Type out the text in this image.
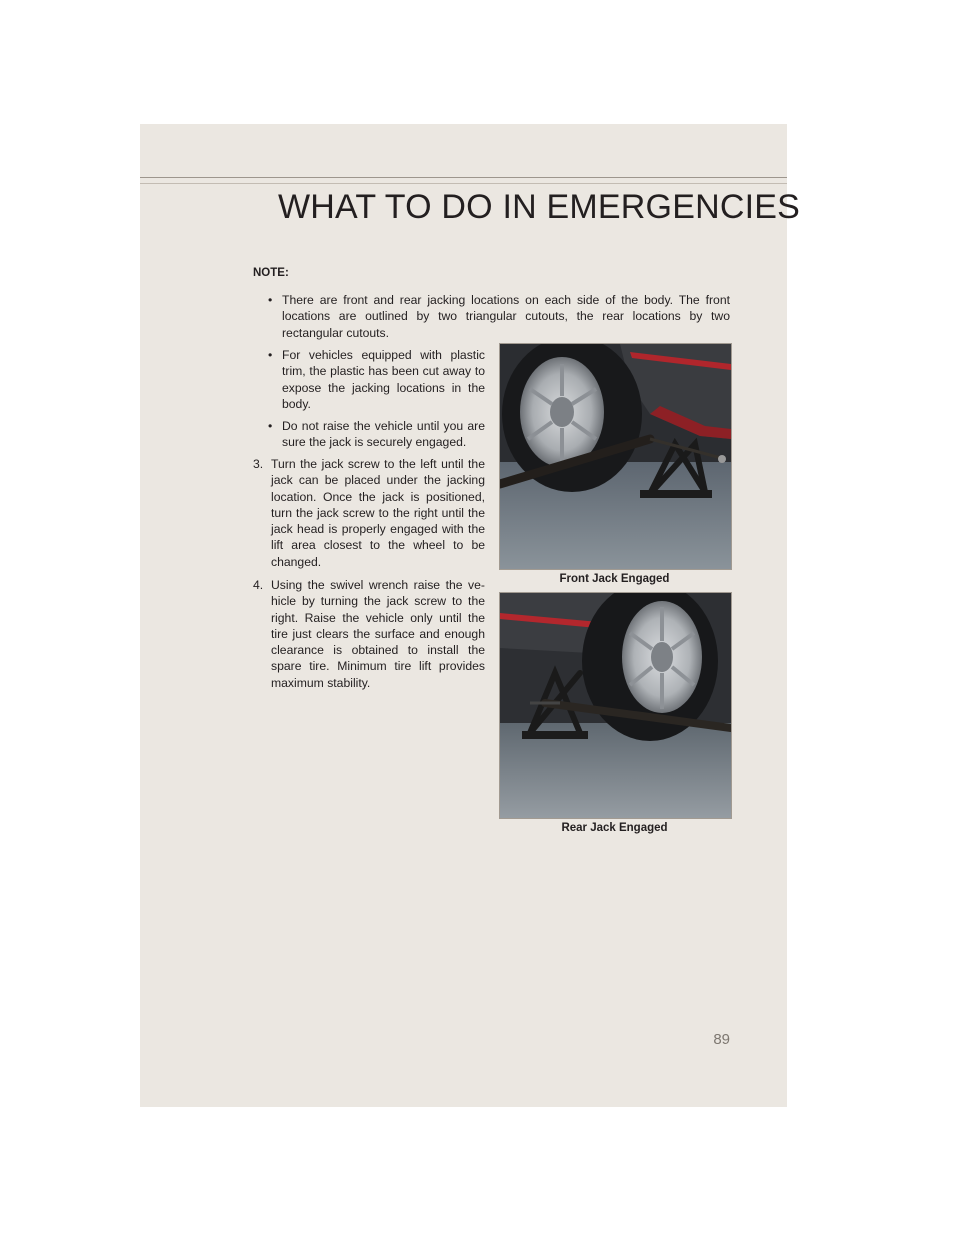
WHAT TO DO IN EMERGENCIES
NOTE:
• There are front and rear jacking locations on each side of the body. The front locations are outlined by two triangular cutouts, the rear locations by two rectangular cutouts.
• For vehicles equipped with plastic trim, the plastic has been cut away to expose the jacking locations in the body.
• Do not raise the vehicle until you are sure the jack is securely engaged.
3. Turn the jack screw to the left until the jack can be placed under the jacking location. Once the jack is positioned, turn the jack screw to the right until the jack head is properly engaged with the lift area closest to the wheel to be changed.
4. Using the swivel wrench raise the ve-hicle by turning the jack screw to the right. Raise the vehicle only until the tire just clears the surface and enough clearance is obtained to install the spare tire. Minimum tire lift provides maximum stability.
Front Jack Engaged
Rear Jack Engaged
89
